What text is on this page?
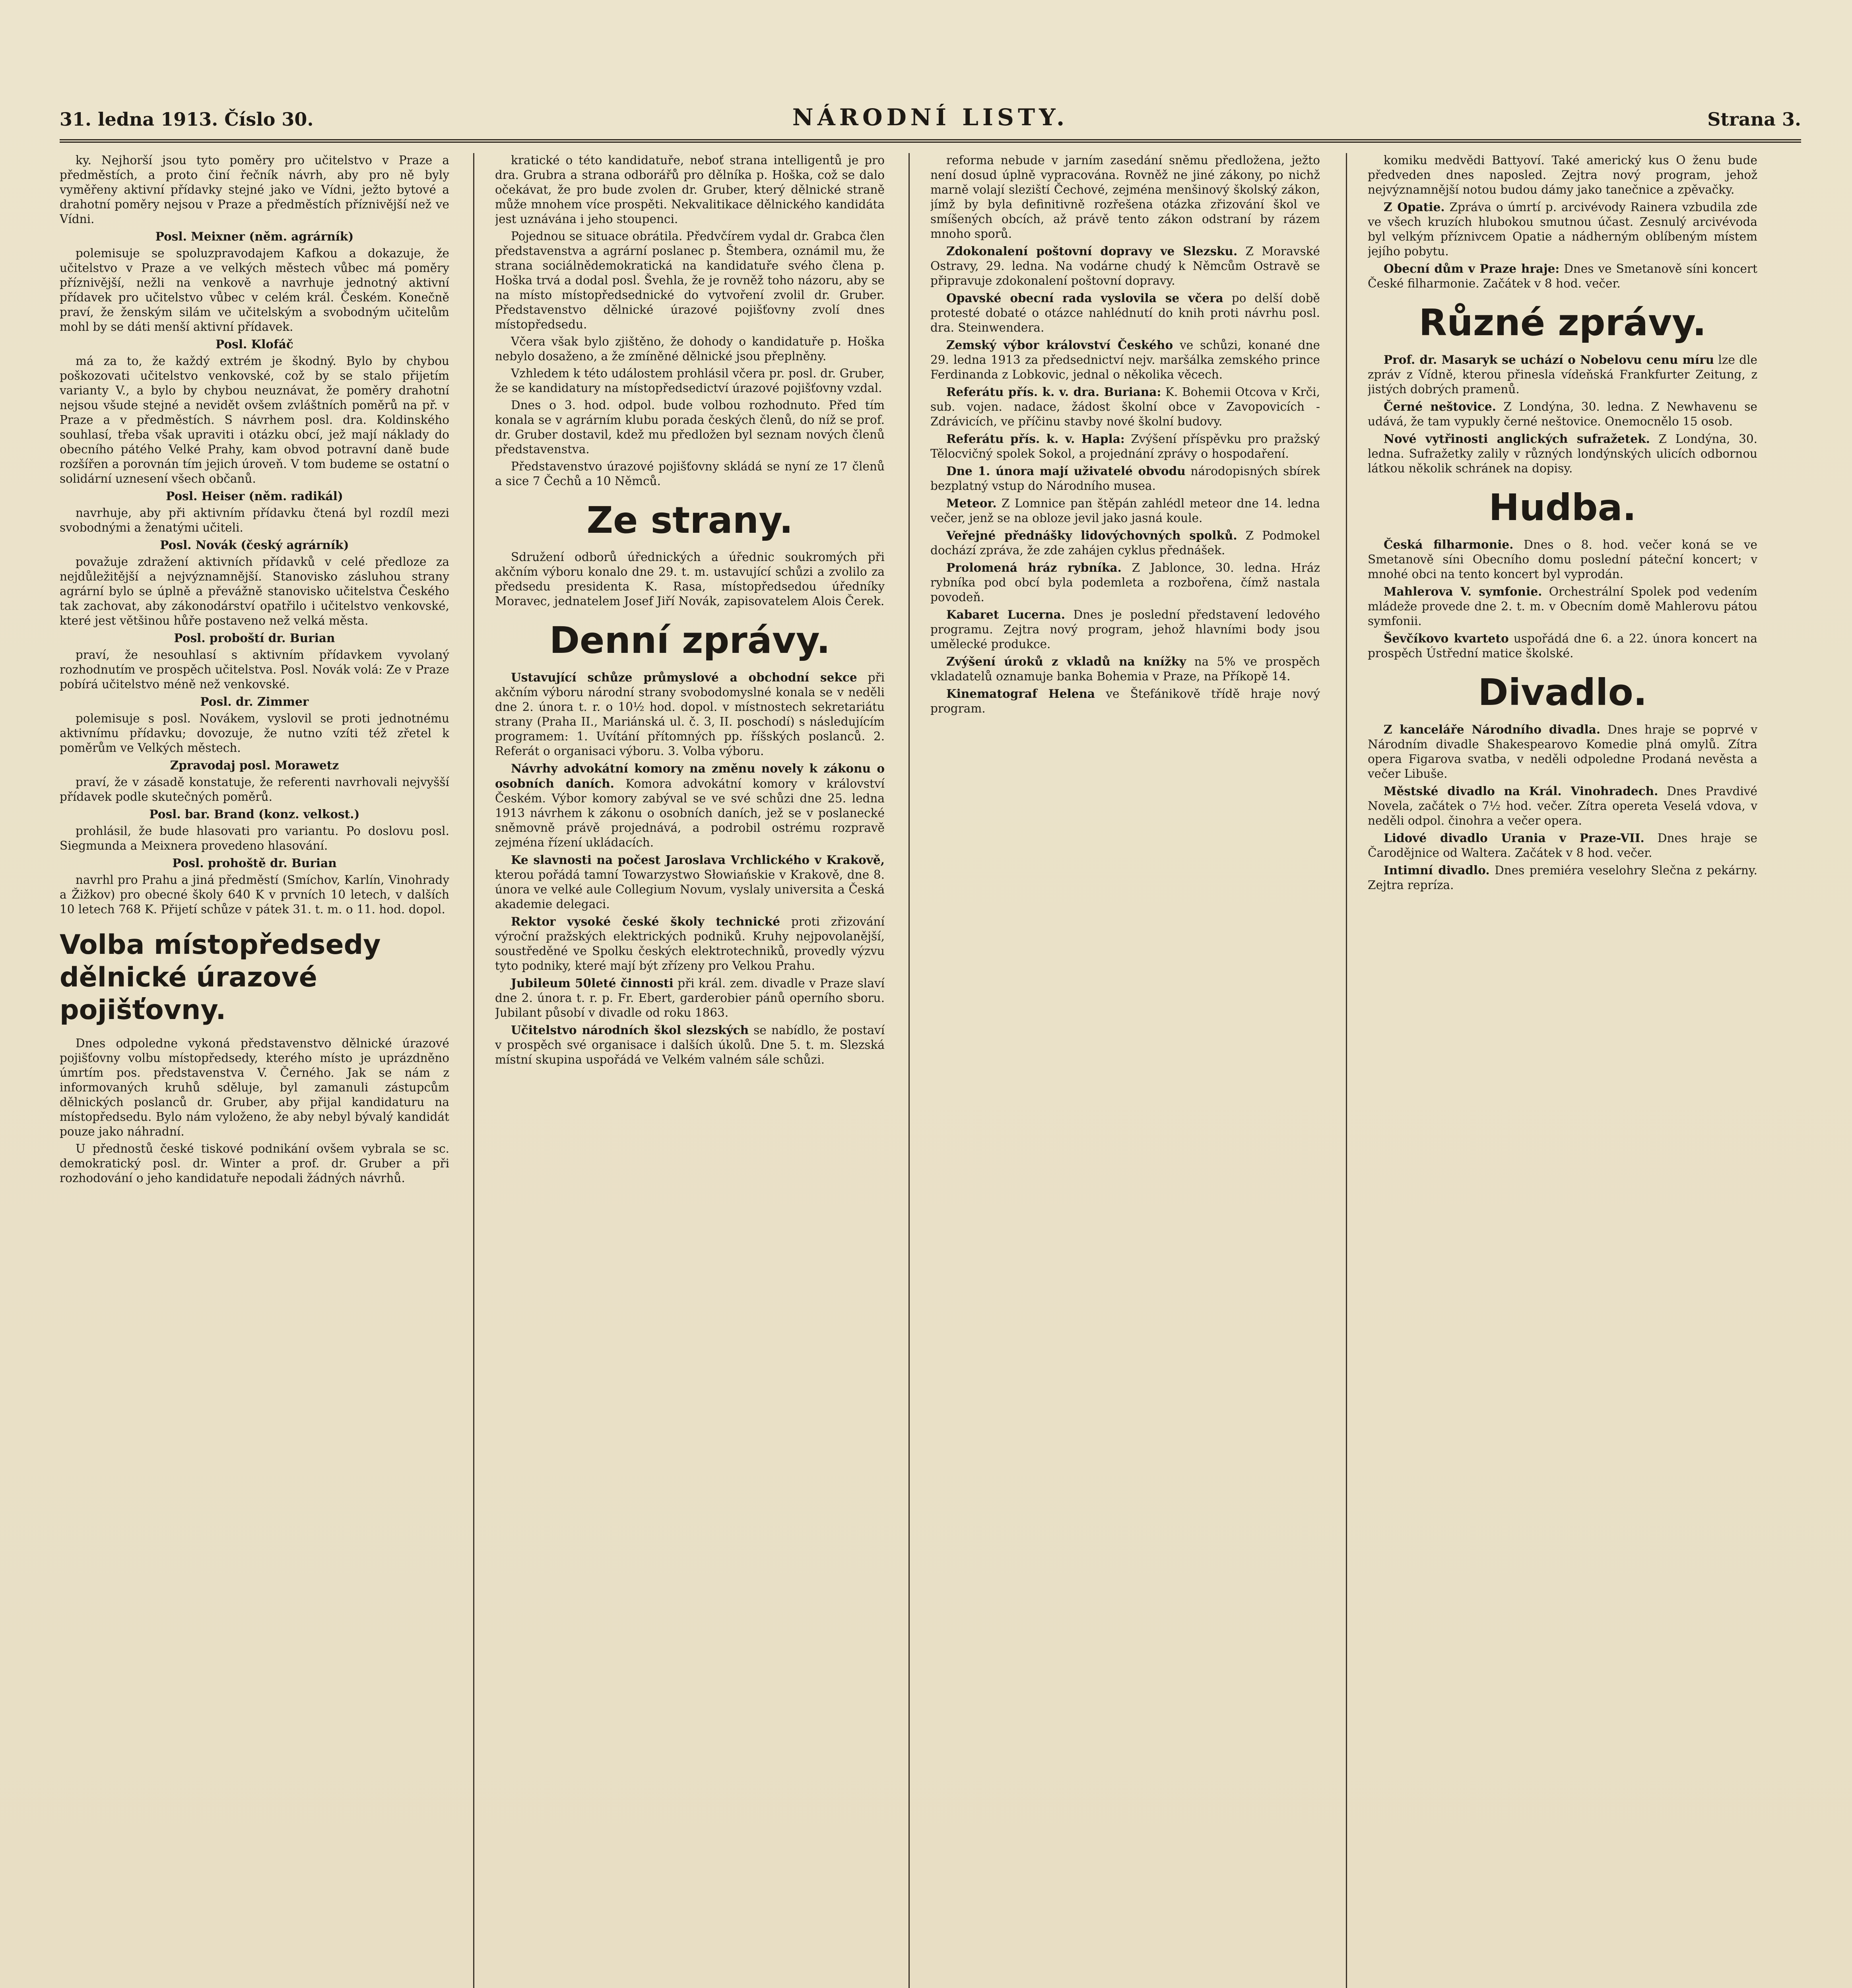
31. ledna 1913. Číslo 30.	NÁRODNÍ LISTY.	Strana 3.

ky. Nejhorší jsou tyto poměry pro učitelstvo v Praze a předměstích, a proto činí řečník návrh, aby pro ně byly vyměřeny aktivní přídavky stejné jako ve Vídni, ježto bytové a drahotní poměry nejsou v Praze a předměstích příznivější než ve Vídni.

Posl. Meixner (něm. agrárník)

polemisuje se spoluzpravodajem Kafkou a dokazuje, že učitelstvo v Praze a ve velkých městech vůbec má poměry příznivější, nežli na venkově a navrhuje jednotný aktivní přídavek pro učitelstvo vůbec v celém král. Českém. Konečně praví, že ženským silám ve učitelským a svobodným učitelům mohl by se dáti menší aktivní přídavek.

Posl. Klofáč

má za to, že každý extrém je škodný. Bylo by chybou poškozovati učitelstvo venkovské, což by se stalo přijetím varianty V., a bylo by chybou neuznávat, že poměry drahotní nejsou všude stejné a nevidět ovšem zvláštních poměrů na př. v Praze a v předměstích. S návrhem posl. dra. Koldinského souhlasí, třeba však upraviti i otázku obcí, jež mají náklady do obecního pátého Velké Prahy, kam obvod potravní daně bude rozšířen a porovnán tím jejich úroveň. V tom budeme se ostatní o solidární uznesení všech občanů.

Posl. Heiser (něm. radikál)

navrhuje, aby při aktivním přídavku čtená byl rozdíl mezi svobodnými a ženatými učiteli.

Posl. Novák (český agrárník)

považuje zdražení aktivních přídavků v celé předloze za nejdůležitější a nejvýznamnější. Stanovisko zásluhou strany agrární bylo se úplně a převážně stanovisko učitelstva Českého tak zachovat, aby zákonodárství opatřilo i učitelstvo venkovské, které jest většinou hůře postaveno než velká města.

Posl. proboští dr. Burian

praví, že nesouhlasí s aktivním přídavkem vyvolaný rozhodnutím ve prospěch učitelstva. Posl. Novák volá: Ze v Praze pobírá učitelstvo méně než venkovské.

Posl. dr. Zimmer

polemisuje s posl. Novákem, vyslovil se proti jednotnému aktivnímu přídavku; dovozuje, že nutno vzíti též zřetel k poměrům ve Velkých městech.

Zpravodaj posl. Morawetz

praví, že v zásadě konstatuje, že referenti navrhovali nejvyšší přídavek podle skutečných poměrů.

Posl. bar. Brand (konz. velkost.)

prohlásil, že bude hlasovati pro variantu. Po doslovu posl. Siegmunda a Meixnera provedeno hlasování.

Posl. prohoště dr. Burian

navrhl pro Prahu a jiná předměstí (Smíchov, Karlín, Vinohrady a Žižkov) pro obecné školy 640 K v prvních 10 letech, v dalších 10 letech 768 K. Přijetí schůze v pátek 31. t. m. o 11. hod. dopol.

Volba místopředsedy dělnické úrazové pojišťovny.

Dnes odpoledne vykoná představenstvo dělnické úrazové pojišťovny volbu místopředsedy, kterého místo je uprázdněno úmrtím pos. představenstva V. Černého. Jak se nám z informovaných kruhů sděluje, byl zamanuli zástupcům dělnických poslanců dr. Gruber, aby přijal kandidaturu na místopředsedu. Bylo nám vyloženo, že aby nebyl bývalý kandidát pouze jako náhradní.

U přednostů české tiskové podnikání ovšem vybrala se sc. demokratický posl. dr. Winter a prof. dr. Gruber a při rozhodování o jeho kandidatuře nepodali žádných návrhů.

kratické o této kandidatuře, neboť strana intelligentů je pro dra. Grubra a strana odborářů pro dělníka p. Hoška, což se dalo očekávat, že pro bude zvolen dr. Gruber, který dělnické straně může mnohem více prospěti. Nekvalitikace dělnického kandidáta jest uznávána i jeho stoupenci.

Pojednou se situace obrátila. Předvčírem vydal dr. Grabca člen představenstva a agrární poslanec p. Štembera, oznámil mu, že strana sociálnědemokratická na kandidatuře svého člena p. Hoška trvá a dodal posl. Švehla, že je rovněž toho názoru, aby se na místo místopředsednické do vytvoření zvolil dr. Gruber. Představenstvo dělnické úrazové pojišťovny zvolí dnes místopředsedu.

Včera však bylo zjištěno, že dohody o kandidatuře p. Hoška nebylo dosaženo, a že zmíněné dělnické jsou přeplněny.

Vzhledem k této událostem prohlásil včera pr. posl. dr. Gruber, že se kandidatury na místopředsedictví úrazové pojišťovny vzdal.

Dnes o 3. hod. odpol. bude volbou rozhodnuto. Před tím konala se v agrárním klubu porada českých členů, do níž se prof. dr. Gruber dostavil, kdež mu předložen byl seznam nových členů představenstva.

Představenstvo úrazové pojišťovny skládá se nyní ze 17 členů a sice 7 Čechů a 10 Němců.

Ze strany.

Sdružení odborů úřednických a úřednic soukromých při akčním výboru konalo dne 29. t. m. ustavující schůzi a zvolilo za předsedu presidenta K. Rasa, místopředsedou úředníky Moravec, jednatelem Josef Jiří Novák, zapisovatelem Alois Čerek.

Denní zprávy.

Ustavující schůze průmyslové a obchodní sekce při akčním výboru národní strany svobodomyslné konala se v neděli dne 2. února t. r. o 10½ hod. dopol. v místnostech sekretariátu strany (Praha II., Mariánská ul. č. 3, II. poschodí) s následujícím programem: 1. Uvítání přítomných pp. říšských poslanců. 2. Referát o organisaci výboru. 3. Volba výboru.

Návrhy advokátní komory na změnu novely k zákonu o osobních daních. Komora advokátní komory v království Českém. Výbor komory zabýval se ve své schůzi dne 25. ledna 1913 návrhem k zákonu o osobních daních, jež se v poslanecké sněmovně právě projednává, a podrobil ostrému rozpravě zejména řízení ukládacích.

Ke slavnosti na počest Jaroslava Vrchlického v Krakově, kterou pořádá tamní Towarzystwo Słowiańskie v Krakově, dne 8. února ve velké aule Collegium Novum, vyslaly universita a Česká akademie delegaci.

Rektor vysoké české školy technické proti zřizování výroční pražských elektrických podniků. Kruhy nejpovolanější, soustředěné ve Spolku českých elektrotechniků, provedly výzvu tyto podniky, které mají být zřízeny pro Velkou Prahu.

Jubileum 50leté činnosti při král. zem. divadle v Praze slaví dne 2. února t. r. p. Fr. Ebert, garderobier pánů operního sboru. Jubilant působí v divadle od roku 1863.

Učitelstvo národních škol slezských se nabídlo, že postaví v prospěch své organisace i dalších úkolů. Dne 5. t. m. Slezská místní skupina uspořádá ve Velkém valném sále schůzi.

reforma nebude v jarním zasedání sněmu předložena, ježto není dosud úplně vypracována. Rovněž ne jiné zákony, po nichž marně volají sleziští Čechové, zejména menšinový školský zákon, jímž by byla definitivně rozřešena otázka zřizování škol ve smíšených obcích, až právě tento zákon odstraní by rázem mnoho sporů.

Zdokonalení poštovní dopravy ve Slezsku. Z Moravské Ostravy, 29. ledna. Na vodárne chudý k Němcům Ostravě se připravuje zdokonalení poštovní dopravy.

Opavské obecní rada vyslovila se včera po delší době protesté dobaté o otázce nahlédnutí do knih proti návrhu posl. dra. Steinwendera.

Zemský výbor království Českého ve schůzi, konané dne 29. ledna 1913 za předsednictví nejv. maršálka zemského prince Ferdinanda z Lobkovic, jednal o několika věcech.

Referátu přís. k. v. dra. Buriana: K. Bohemii Otcova v Krči, sub. vojen. nadace, žádost školní obce v Zavopovicích - Zdrávicích, ve příčinu stavby nové školní budovy.

Referátu přís. k. v. Hapla: Zvýšení příspěvku pro pražský Tělocvičný spolek Sokol, a projednání zprávy o hospodaření.

Dne 1. února mají uživatelé obvodu národopisných sbírek bezplatný vstup do Národního musea.

Meteor. Z Lomnice pan štěpán zahlédl meteor dne 14. ledna večer, jenž se na obloze jevil jako jasná koule.

Veřejné přednášky lidovýchovných spolků. Z Podmokel dochází zpráva, že zde zahájen cyklus přednášek.

Prolomená hráz rybníka. Z Jablonce, 30. ledna. Hráz rybníka pod obcí byla podemleta a rozbořena, čímž nastala povodeň.

Kabaret Lucerna. Dnes je poslední představení ledového programu. Zejtra nový program, jehož hlavními body jsou umělecké produkce.

Zvýšení úroků z vkladů na knížky na 5% ve prospěch vkladatelů oznamuje banka Bohemia v Praze, na Příkopě 14.

Kinematograf Helena ve Štefánikově třídě hraje nový program.

komiku medvědi Battyoví. Také americký kus O ženu bude předveden dnes naposled. Zejtra nový program, jehož nejvýznamnější notou budou dámy jako tanečnice a zpěvačky.

Z Opatie. Zpráva o úmrtí p. arcivévody Rainera vzbudila zde ve všech kruzích hlubokou smutnou účast. Zesnulý arcivévoda byl velkým příznivcem Opatie a nádherným oblíbeným místem jejího pobytu.

Obecní dům v Praze hraje: Dnes ve Smetanově síni koncert České filharmonie. Začátek v 8 hod. večer.

Různé zprávy.

Prof. dr. Masaryk se uchází o Nobelovu cenu míru lze dle zpráv z Vídně, kterou přinesla vídeňská Frankfurter Zeitung, z jistých dobrých pramenů.

Černé neštovice. Z Londýna, 30. ledna. Z Newhavenu se udává, že tam vypukly černé neštovice. Onemocnělo 15 osob.

Nové vytřinosti anglických sufražetek. Z Londýna, 30. ledna. Sufražetky zalily v různých londýnských ulicích odbornou látkou několik schránek na dopisy.

Hudba.

Česká filharmonie. Dnes o 8. hod. večer koná se ve Smetanově síni Obecního domu poslední páteční koncert; v mnohé obci na tento koncert byl vyprodán.

Mahlerova V. symfonie. Orchestrální Spolek pod vedením mládeže provede dne 2. t. m. v Obecním domě Mahlerovu pátou symfonii.

Ševčíkovo kvarteto uspořádá dne 6. a 22. února koncert na prospěch Ústřední matice školské.

Divadlo.

Z kanceláře Národního divadla. Dnes hraje se poprvé v Národním divadle Shakespearovo Komedie plná omylů. Zítra opera Figarova svatba, v neděli odpoledne Prodaná nevěsta a večer Libuše.

Městské divadlo na Král. Vinohradech. Dnes Pravdivé Novela, začátek o 7½ hod. večer. Zítra opereta Veselá vdova, v neděli odpol. činohra a večer opera.

Lidové divadlo Urania v Praze-VII. Dnes hraje se Čarodějnice od Waltera. Začátek v 8 hod. večer.

Intimní divadlo. Dnes premiéra veselohry Slečna z pekárny. Zejtra repríza.
